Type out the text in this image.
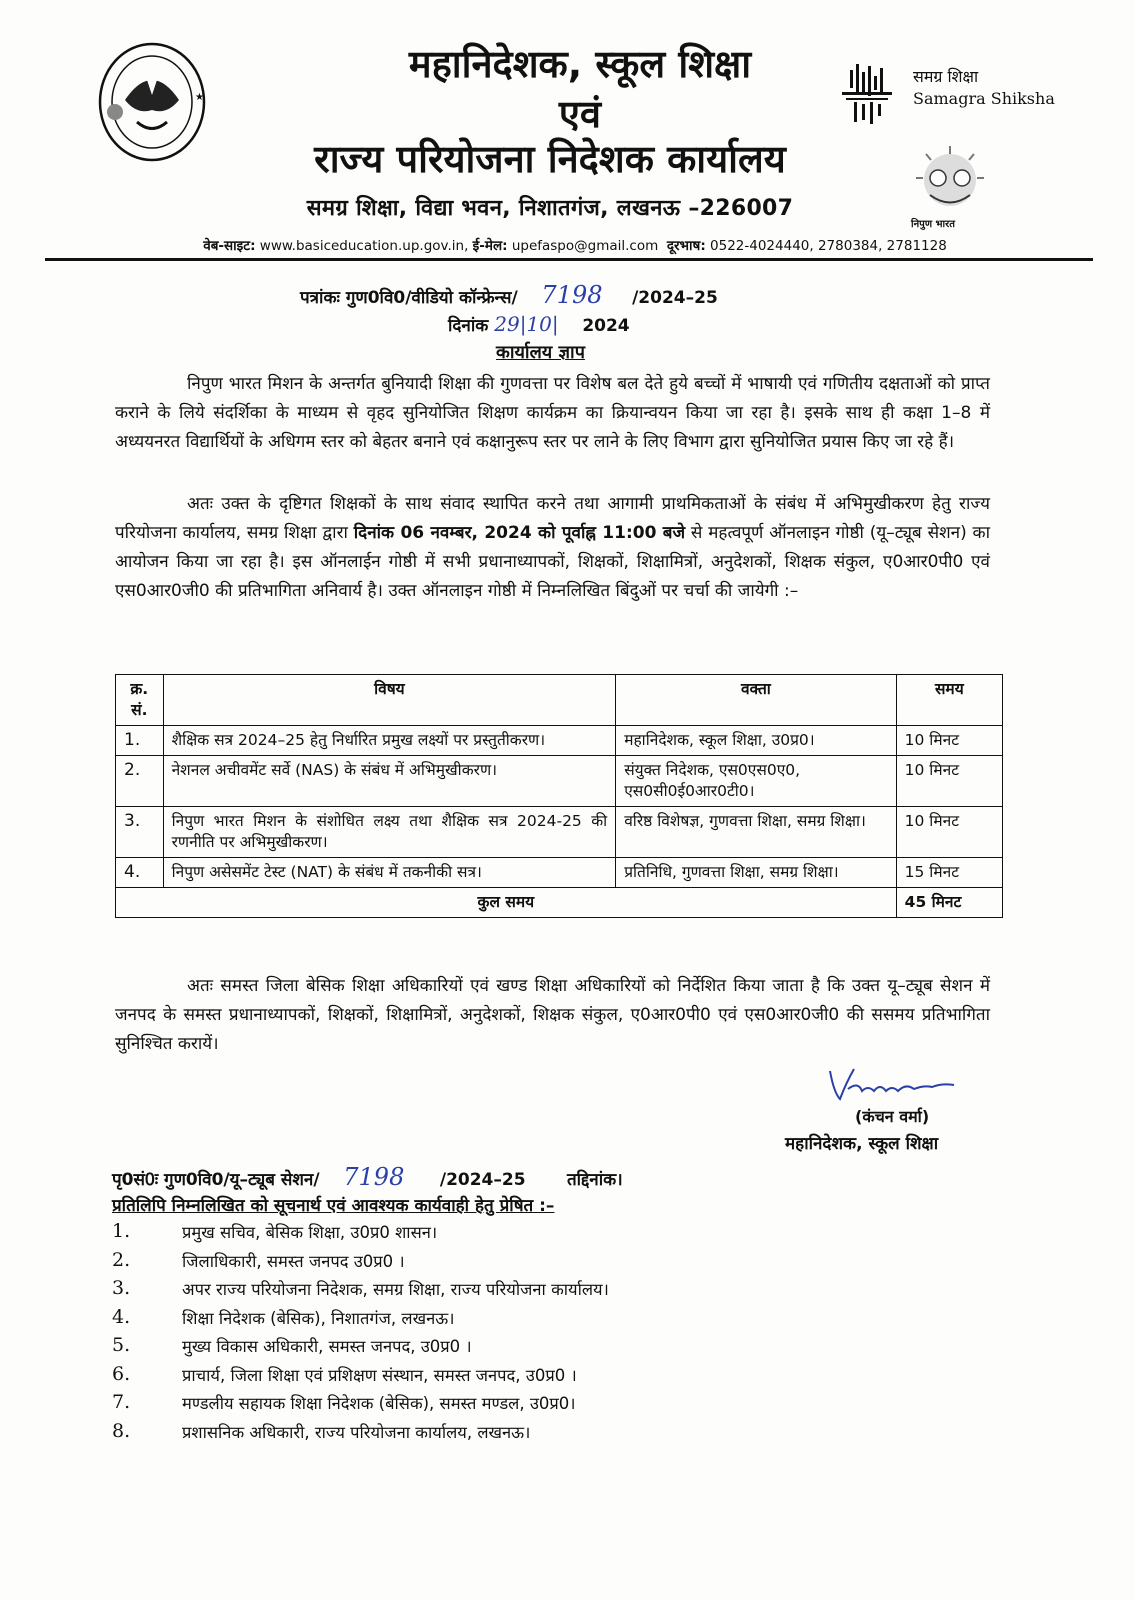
★
महानिदेशक, स्कूल शिक्षा
एवं
राज्य परियोजना निदेशक कार्यालय
समग्र शिक्षा, विद्या भवन, निशातगंज, लखनऊ –226007
समग्र शिक्षा
Samagra Shiksha
निपुण भारत
वेब-साइट: www.basiceducation.up.gov.in, ई-मेल: upefaspo@gmail.com दूरभाष: 0522-4024440, 2780384, 2781128
पत्रांकः गुण0वि0/वीडियो कॉन्फ्रेन्स/ 7198 /2024–25
दिनांक 29|10| 2024
कार्यालय ज्ञाप
निपुण भारत मिशन के अन्तर्गत बुनियादी शिक्षा की गुणवत्ता पर विशेष बल देते हुये बच्चों में भाषायी एवं गणितीय दक्षताओं को प्राप्त कराने के लिये संदर्शिका के माध्यम से वृहद सुनियोजित शिक्षण कार्यक्रम का क्रियान्वयन किया जा रहा है। इसके साथ ही कक्षा 1–8 में अध्ययनरत विद्यार्थियों के अधिगम स्तर को बेहतर बनाने एवं कक्षानुरूप स्तर पर लाने के लिए विभाग द्वारा सुनियोजित प्रयास किए जा रहे हैं।
अतः उक्त के दृष्टिगत शिक्षकों के साथ संवाद स्थापित करने तथा आगामी प्राथमिकताओं के संबंध में अभिमुखीकरण हेतु राज्य परियोजना कार्यालय, समग्र शिक्षा द्वारा दिनांक 06 नवम्बर, 2024 को पूर्वाह्न 11:00 बजे से महत्वपूर्ण ऑनलाइन गोष्ठी (यू–ट्यूब सेशन) का आयोजन किया जा रहा है। इस ऑनलाईन गोष्ठी में सभी प्रधानाध्यापकों, शिक्षकों, शिक्षामित्रों, अनुदेशकों, शिक्षक संकुल, ए0आर0पी0 एवं एस0आर0जी0 की प्रतिभागिता अनिवार्य है। उक्त ऑनलाइन गोष्ठी में निम्नलिखित बिंदुओं पर चर्चा की जायेगी :–
क्र. सं.	विषय	वक्ता	समय
1.	शैक्षिक सत्र 2024–25 हेतु निर्धारित प्रमुख लक्ष्यों पर प्रस्तुतीकरण।	महानिदेशक, स्कूल शिक्षा, उ0प्र0।	10 मिनट
2.	नेशनल अचीवमेंट सर्वे (NAS) के संबंध में अभिमुखीकरण।	संयुक्त निदेशक, एस0एस0ए0, एस0सी0ई0आर0टी0।	10 मिनट
3.	निपुण भारत मिशन के संशोधित लक्ष्य तथा शैक्षिक सत्र 2024-25 की रणनीति पर अभिमुखीकरण।	वरिष्ठ विशेषज्ञ, गुणवत्ता शिक्षा, समग्र शिक्षा।	10 मिनट
4.	निपुण असेसमेंट टेस्ट (NAT) के संबंध में तकनीकी सत्र।	प्रतिनिधि, गुणवत्ता शिक्षा, समग्र शिक्षा।	15 मिनट
कुल समय			45 मिनट
अतः समस्त जिला बेसिक शिक्षा अधिकारियों एवं खण्ड शिक्षा अधिकारियों को निर्देशित किया जाता है कि उक्त यू–ट्यूब सेशन में जनपद के समस्त प्रधानाध्यापकों, शिक्षकों, शिक्षामित्रों, अनुदेशकों, शिक्षक संकुल, ए0आर0पी0 एवं एस0आर0जी0 की ससमय प्रतिभागिता सुनिश्चित करायें।
(कंचन वर्मा)
महानिदेशक, स्कूल शिक्षा
पृ0सं0ः गुण0वि0/यू–ट्यूब सेशन/ 7198 /2024–25 तद्दिनांक।
प्रतिलिपि निम्नलिखित को सूचनार्थ एवं आवश्यक कार्यवाही हेतु प्रेषित :–
1.	प्रमुख सचिव, बेसिक शिक्षा, उ0प्र0 शासन।
2.	जिलाधिकारी, समस्त जनपद उ0प्र0 ।
3.	अपर राज्य परियोजना निदेशक, समग्र शिक्षा, राज्य परियोजना कार्यालय।
4.	शिक्षा निदेशक (बेसिक), निशातगंज, लखनऊ।
5.	मुख्य विकास अधिकारी, समस्त जनपद, उ0प्र0 ।
6.	प्राचार्य, जिला शिक्षा एवं प्रशिक्षण संस्थान, समस्त जनपद, उ0प्र0 ।
7.	मण्डलीय सहायक शिक्षा निदेशक (बेसिक), समस्त मण्डल, उ0प्र0।
8.	प्रशासनिक अधिकारी, राज्य परियोजना कार्यालय, लखनऊ।
